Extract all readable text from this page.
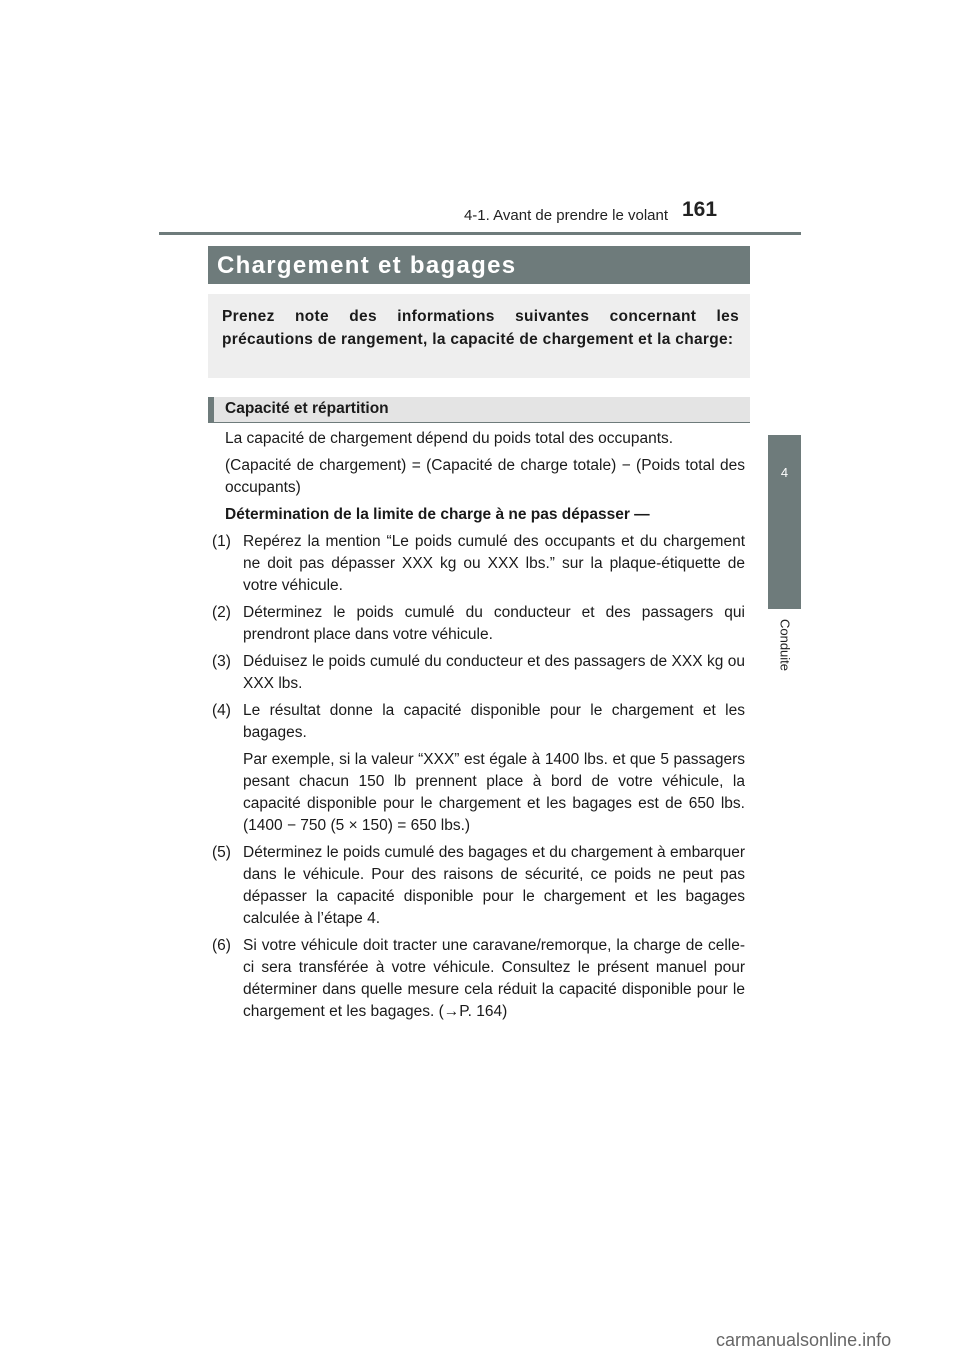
4-1. Avant de prendre le volant 161
4
Conduite
Chargement et bagages
Prenez note des informations suivantes concernant les précautions de rangement, la capacité de chargement et la charge:
Capacité et répartition

La capacité de chargement dépend du poids total des occupants.

(Capacité de chargement) = (Capacité de charge totale) − (Poids total des occupants)

Détermination de la limite de charge à ne pas dépasser —

(1) Repérez la mention “Le poids cumulé des occupants et du chargement ne doit pas dépasser XXX kg ou XXX lbs.” sur la plaque-étiquette de votre véhicule.
(2) Déterminez le poids cumulé du conducteur et des passagers qui prendront place dans votre véhicule.
(3) Déduisez le poids cumulé du conducteur et des passagers de XXX kg ou XXX lbs.
(4) Le résultat donne la capacité disponible pour le chargement et les bagages.
Par exemple, si la valeur “XXX” est égale à 1400 lbs. et que 5 passagers pesant chacun 150 lb prennent place à bord de votre véhicule, la capacité disponible pour le chargement et les bagages est de 650 lbs. (1400 − 750 (5 × 150) = 650 lbs.)
(5) Déterminez le poids cumulé des bagages et du chargement à embarquer dans le véhicule. Pour des raisons de sécurité, ce poids ne peut pas dépasser la capacité disponible pour le chargement et les bagages calculée à l’étape 4.
(6) Si votre véhicule doit tracter une caravane/remorque, la charge de celle-ci sera transférée à votre véhicule. Consultez le présent manuel pour déterminer dans quelle mesure cela réduit la capacité disponible pour le chargement et les bagages. (→P. 164)
carmanualsonline.info
